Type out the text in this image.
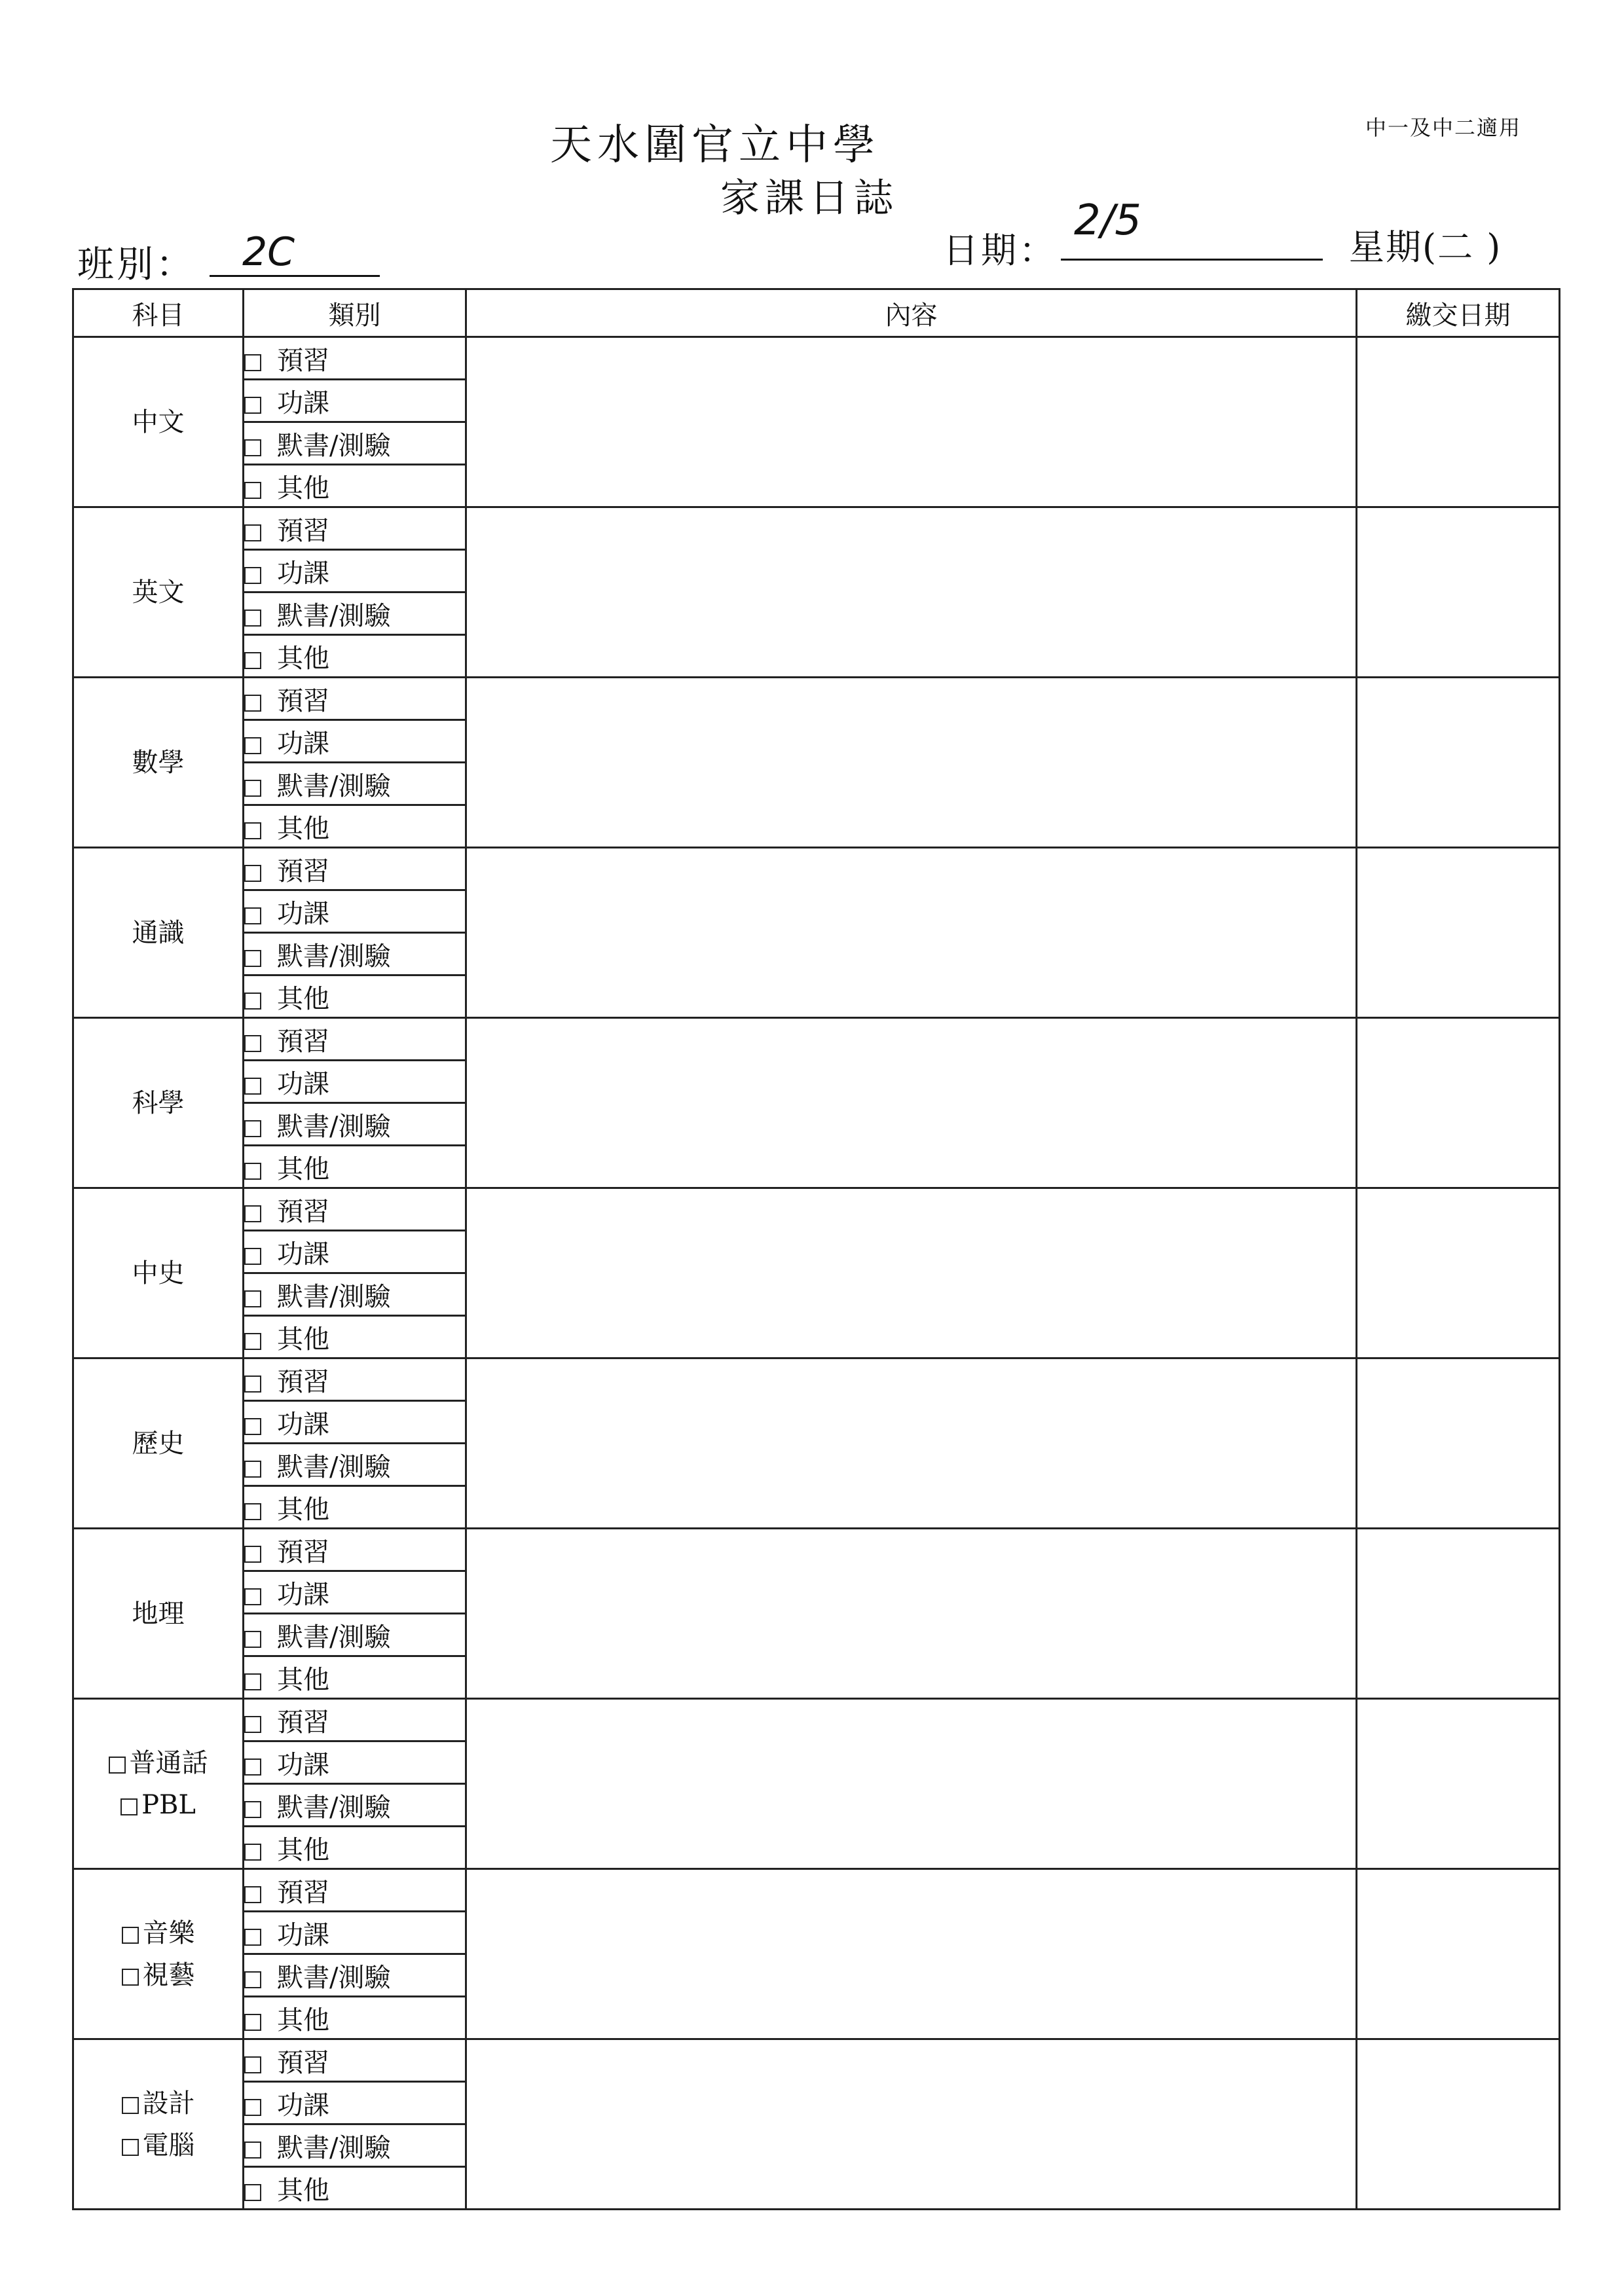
天水圍官立中學
家課日誌
中一及中二適用
班別： 2C	日期：
2/5
星期(二 )
科目	類別	內容	繳交日期

中文	預習		
	功課		
	默書/測驗		
	其他		

英文	預習		
	功課		
	默書/測驗		
	其他		

數學	預習		
	功課		
	默書/測驗		
	其他		

通識	預習		
	功課		
	默書/測驗		
	其他		

科學	預習		
	功課		
	默書/測驗		
	其他		

中史	預習		
	功課		
	默書/測驗		
	其他		

歷史	預習		
	功課		
	默書/測驗		
	其他		

地理	預習		
	功課		
	默書/測驗		
	其他		

普通話
PBL	預習		
	功課		
	默書/測驗		
	其他		

音樂
視藝	預習		
	功課		
	默書/測驗		
	其他		

設計
電腦	預習		
	功課		
	默書/測驗		
	其他		
